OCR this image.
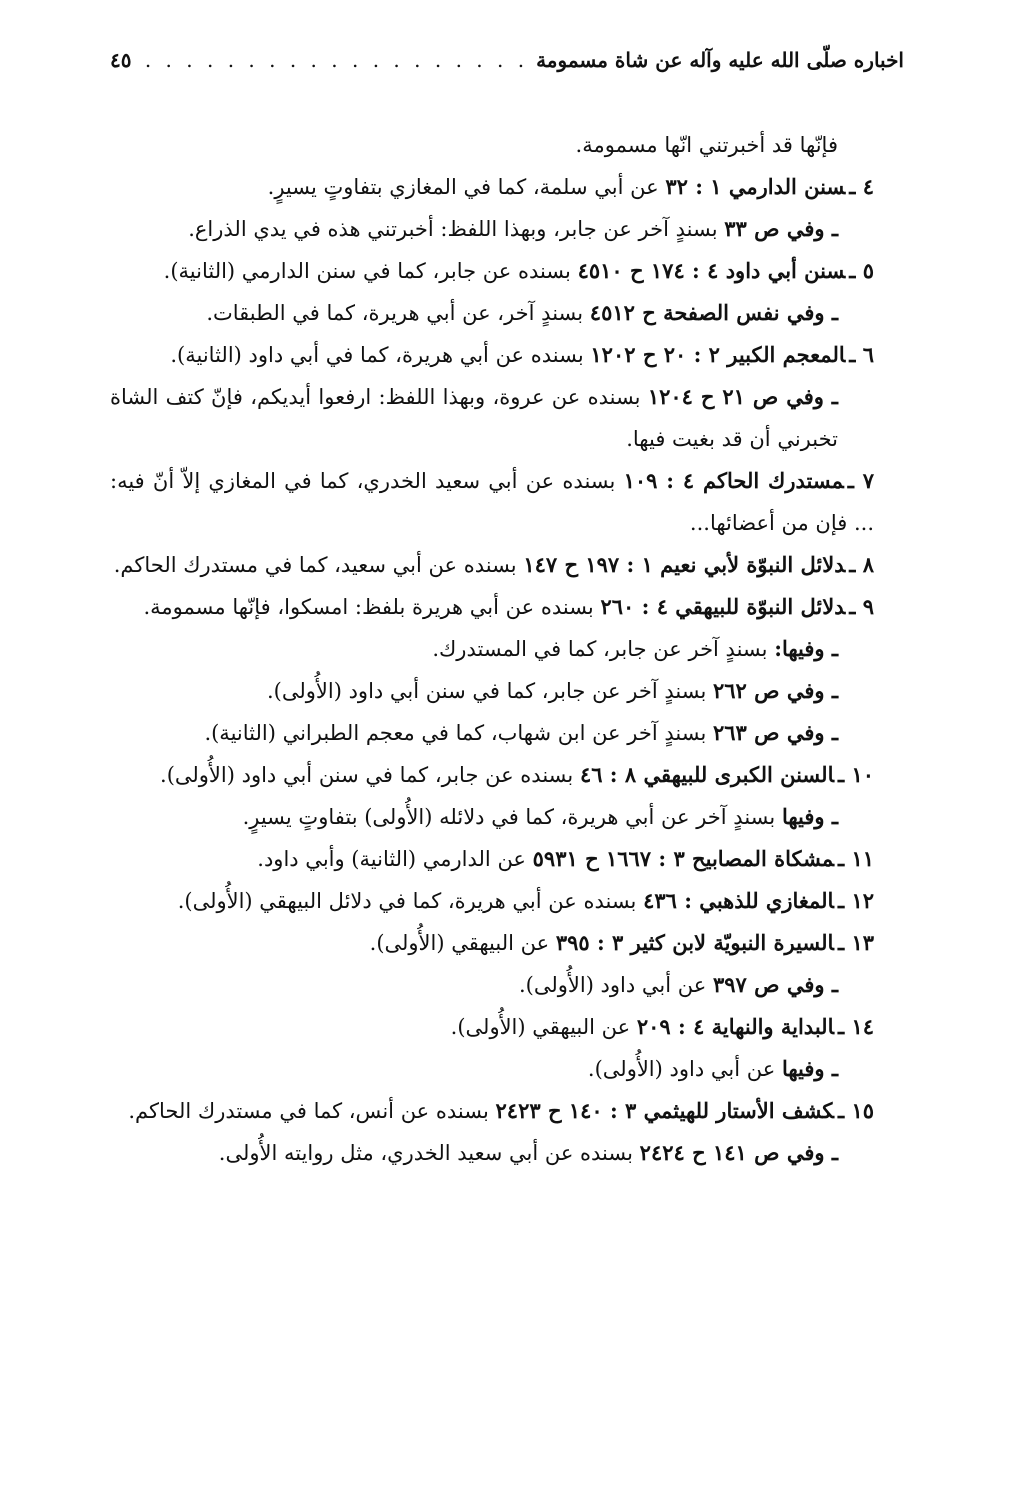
اخباره صلّى الله عليه وآله عن شاة مسمومة
. . .
٤٥

فإنّها قد أخبرتني انّها مسمومة.

٤ ـسنن الدارمي ١ : ٣٢ عن أبي سلمة، كما في المغازي بتفاوتٍ يسيرٍ.

ـ وفي ص ٣٣ بسندٍ آخر عن جابر، وبهذا اللفظ: أخبرتني هذه في يدي الذراع.

٥ ـسنن أبي داود ٤ : ١٧٤ ح ٤٥١٠ بسنده عن جابر، كما في سنن الدارمي (الثانية).

ـ وفي نفس الصفحة ح ٤٥١٢ بسندٍ آخر، عن أبي هريرة، كما في الطبقات.

٦ ـالمعجم الكبير ٢ : ٢٠ ح ١٢٠٢ بسنده عن أبي هريرة، كما في أبي داود (الثانية).

ـ وفي ص ٢١ ح ١٢٠٤ بسنده عن عروة، وبهذا اللفظ: ارفعوا أيديكم، فإنّ كتف الشاة تخبرني أن قد بغيت فيها.

٧ ـمستدرك الحاكم ٤ : ١٠٩ بسنده عن أبي سعيد الخدري، كما في المغازي إلاّ أنّ فيه: ... فإن من أعضائها...

٨ ـدلائل النبوّة لأبي نعيم ١ : ١٩٧ ح ١٤٧ بسنده عن أبي سعيد، كما في مستدرك الحاكم.

٩ ـدلائل النبوّة للبيهقي ٤ : ٢٦٠ بسنده عن أبي هريرة بلفظ: امسكوا، فإنّها مسمومة.

ـ وفيها: بسندٍ آخر عن جابر، كما في المستدرك.

ـ وفي ص ٢٦٢ بسندٍ آخر عن جابر، كما في سنن أبي داود (الأُولى).

ـ وفي ص ٢٦٣ بسندٍ آخر عن ابن شهاب، كما في معجم الطبراني (الثانية).

١٠ ـالسنن الكبرى للبيهقي ٨ : ٤٦ بسنده عن جابر، كما في سنن أبي داود (الأُولى).

ـ وفيها بسندٍ آخر عن أبي هريرة، كما في دلائله (الأُولى) بتفاوتٍ يسيرٍ.

١١ ـمشكاة المصابيح ٣ : ١٦٦٧ ح ٥٩٣١ عن الدارمي (الثانية) وأبي داود.

١٢ ـالمغازي للذهبي : ٤٣٦ بسنده عن أبي هريرة، كما في دلائل البيهقي (الأُولى).

١٣ ـالسيرة النبويّة لابن كثير ٣ : ٣٩٥ عن البيهقي (الأُولى).

ـ وفي ص ٣٩٧ عن أبي داود (الأُولى).

١٤ ـالبداية والنهاية ٤ : ٢٠٩ عن البيهقي (الأُولى).

ـ وفيها عن أبي داود (الأُولى).

١٥ ـكشف الأستار للهيثمي ٣ : ١٤٠ ح ٢٤٢٣ بسنده عن أنس، كما في مستدرك الحاكم.

ـ وفي ص ١٤١ ح ٢٤٢٤ بسنده عن أبي سعيد الخدري، مثل روايته الأُولى.
